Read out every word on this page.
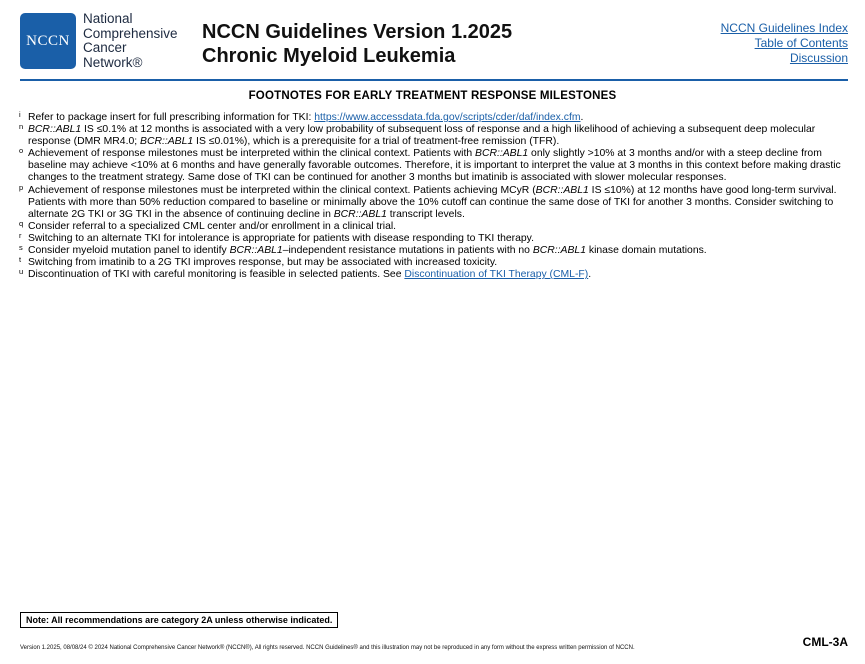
NCCN
National
Comprehensive
Cancer
Network®
NCCN Guidelines Version 1.2025
Chronic Myeloid Leukemia
NCCN Guidelines Index
Table of Contents
Discussion
FOOTNOTES FOR EARLY TREATMENT RESPONSE MILESTONES
i Refer to package insert for full prescribing information for TKI: https://www.accessdata.fda.gov/scripts/cder/daf/index.cfm.
n BCR::ABL1 IS ≤0.1% at 12 months is associated with a very low probability of subsequent loss of response and a high likelihood of achieving a subsequent deep molecular response (DMR MR4.0; BCR::ABL1 IS ≤0.01%), which is a prerequisite for a trial of treatment-free remission (TFR).
o Achievement of response milestones must be interpreted within the clinical context. Patients with BCR::ABL1 only slightly >10% at 3 months and/or with a steep decline from baseline may achieve <10% at 6 months and have generally favorable outcomes. Therefore, it is important to interpret the value at 3 months in this context before making drastic changes to the treatment strategy. Same dose of TKI can be continued for another 3 months but imatinib is associated with slower molecular responses.
p Achievement of response milestones must be interpreted within the clinical context. Patients achieving MCyR (BCR::ABL1 IS ≤10%) at 12 months have good long-term survival. Patients with more than 50% reduction compared to baseline or minimally above the 10% cutoff can continue the same dose of TKI for another 3 months. Consider switching to alternate 2G TKI or 3G TKI in the absence of continuing decline in BCR::ABL1 transcript levels.
q Consider referral to a specialized CML center and/or enrollment in a clinical trial.
r Switching to an alternate TKI for intolerance is appropriate for patients with disease responding to TKI therapy.
s Consider myeloid mutation panel to identify BCR::ABL1–independent resistance mutations in patients with no BCR::ABL1 kinase domain mutations.
t Switching from imatinib to a 2G TKI improves response, but may be associated with increased toxicity.
u Discontinuation of TKI with careful monitoring is feasible in selected patients. See Discontinuation of TKI Therapy (CML-F).
Note: All recommendations are category 2A unless otherwise indicated.
Version 1.2025, 08/08/24 © 2024 National Comprehensive Cancer Network® (NCCN®), All rights reserved. NCCN Guidelines® and this illustration may not be reproduced in any form without the express written permission of NCCN.	CML-3A
